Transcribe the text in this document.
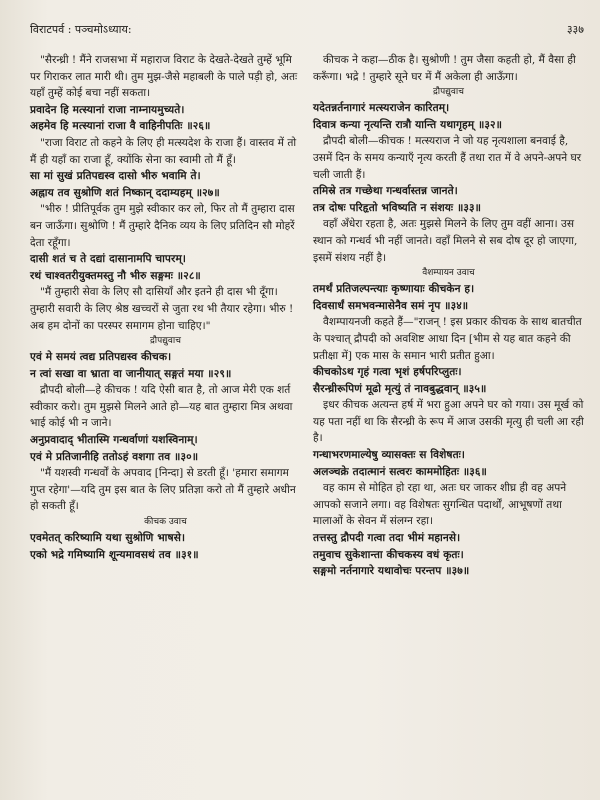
विराटपर्व : पञ्चमोऽध्याय:	३३७

"सैरन्ध्री ! मैंने राजसभा में महाराज विराट के देखते-देखते तुम्हें भूमि पर गिराकर लात मारी थी। तुम मुझ-जैसे महाबली के पाले पड़ी हो, अतः यहाँ तुम्हें कोई बचा नहीं सकता।

प्रवादेन हि मत्स्यानां राजा नाम्नायमुच्यते।

अहमेव हि मत्स्यानां राजा वै वाहिनीपतिः ॥२६॥

"राजा विराट तो कहने के लिए ही मत्स्यदेश के राजा हैं। वास्तव में तो मैं ही यहाँ का राजा हूँ, क्योंकि सेना का स्वामी तो मैं हूँ।

सा मां सुखं प्रतिपद्यस्व दासो भीरु भवामि ते।

अह्नाय तव सुश्रोणि शतं निष्कान् ददाम्यहम् ॥२७॥

"भीरु ! प्रीतिपूर्वक तुम मुझे स्वीकार कर लो, फिर तो मैं तुम्हारा दास बन जाऊँगा। सुश्रोणि ! मैं तुम्हारे दैनिक व्यय के लिए प्रतिदिन सौ मोहरें देता रहूँगा।

दासी शतं च ते दद्यां दासानामपि चापरम्।

रथं चाश्वतरीयुक्तमस्तु नौ भीरु सङ्गमः ॥२८॥

"मैं तुम्हारी सेवा के लिए सौ दासियाँ और इतने ही दास भी दूँगा। तुम्हारी सवारी के लिए श्रेष्ठ खच्चरों से जुता रथ भी तैयार रहेगा। भीरु ! अब हम दोनों का परस्पर समागम होना चाहिए।"

द्रौपद्युवाच

एवं मे समयं त्वद्य प्रतिपद्यस्व कीचक।

न त्वां सखा वा भ्राता वा जानीयात् सङ्गतं मया ॥२९॥

द्रौपदी बोली—हे कीचक ! यदि ऐसी बात है, तो आज मेरी एक शर्त स्वीकार करो। तुम मुझसे मिलने आते हो—यह बात तुम्हारा मित्र अथवा भाई कोई भी न जाने।

अनुप्रवादाद् भीतास्मि गन्धर्वाणां यशस्विनाम्।

एवं मे प्रतिजानीहि ततोऽहं वशगा तव ॥३०॥

"मैं यशस्वी गन्धर्वों के अपवाद [निन्दा] से डरती हूँ। 'हमारा समागम गुप्त रहेगा'—यदि तुम इस बात के लिए प्रतिज्ञा करो तो मैं तुम्हारे अधीन हो सकती हूँ।

कीचक उवाच

एवमेतत् करिष्यामि यथा सुश्रोणि भाषसे।

एको भद्रे गमिष्यामि शून्यमावसथं तव ॥३१॥

कीचक ने कहा—ठीक है। सुश्रोणी ! तुम जैसा कहती हो, मैं वैसा ही करूँगा। भद्रे ! तुम्हारे सूने घर में मैं अकेला ही आऊँगा।

द्रौपद्युवाच

यदेतन्नर्तनागारं मत्स्यराजेन कारितम्।

दिवात्र कन्या नृत्यन्ति रात्रौ यान्ति यथागृहम् ॥३२॥

द्रौपदी बोली—कीचक ! मत्स्यराज ने जो यह नृत्यशाला बनवाई है, उसमें दिन के समय कन्याएँ नृत्य करती हैं तथा रात में वे अपने-अपने घर चली जाती हैं।

तमिस्रे तत्र गच्छेथा गन्धर्वास्तन्न जानते।

तत्र दोषः परिहृतो भविष्यति न संशयः ॥३३॥

वहाँ अँधेरा रहता है, अतः मुझसे मिलने के लिए तुम वहीं आना। उस स्थान को गन्धर्व भी नहीं जानते। वहाँ मिलने से सब दोष दूर हो जाएगा, इसमें संशय नहीं है।

वैशम्पायन उवाच

तमर्थं प्रतिजल्पन्त्याः कृष्णायाः कीचकेन ह।

दिवसार्धं समभवन्मासेनैव समं नृप ॥३४॥

वैशम्पायनजी कहते हैं—"राजन् ! इस प्रकार कीचक के साथ बातचीत के पश्चात् द्रौपदी को अवशिष्ट आधा दिन [भीम से यह बात कहने की प्रतीक्षा में] एक मास के समान भारी प्रतीत हुआ।

कीचकोऽथ गृहं गत्वा भृशं हर्षपरिप्लुतः।

सैरन्ध्रीरूपिणं मूढो मृत्युं तं नावबुद्धवान् ॥३५॥

इधर कीचक अत्यन्त हर्ष में भरा हुआ अपने घर को गया। उस मूर्ख को यह पता नहीं था कि सैरन्ध्री के रूप में आज उसकी मृत्यु ही चली आ रही है।

गन्धाभरणमाल्येषु व्यासक्तः स विशेषतः।

अलञ्चक्रे तदात्मानं सत्वरः काममोहितः ॥३६॥

वह काम से मोहित हो रहा था, अतः घर जाकर शीघ्र ही वह अपने आपको सजाने लगा। वह विशेषतः सुगन्धित पदार्थों, आभूषणों तथा मालाओं के सेवन में संलग्न रहा।

तत्तस्तु द्रौपदी गत्वा तदा भीमं महानसे।

तमुवाच सुकेशान्ता कीचकस्य वधं कृतः।

सङ्गमो नर्तनागारे यथावोचः परन्तप ॥३७॥
